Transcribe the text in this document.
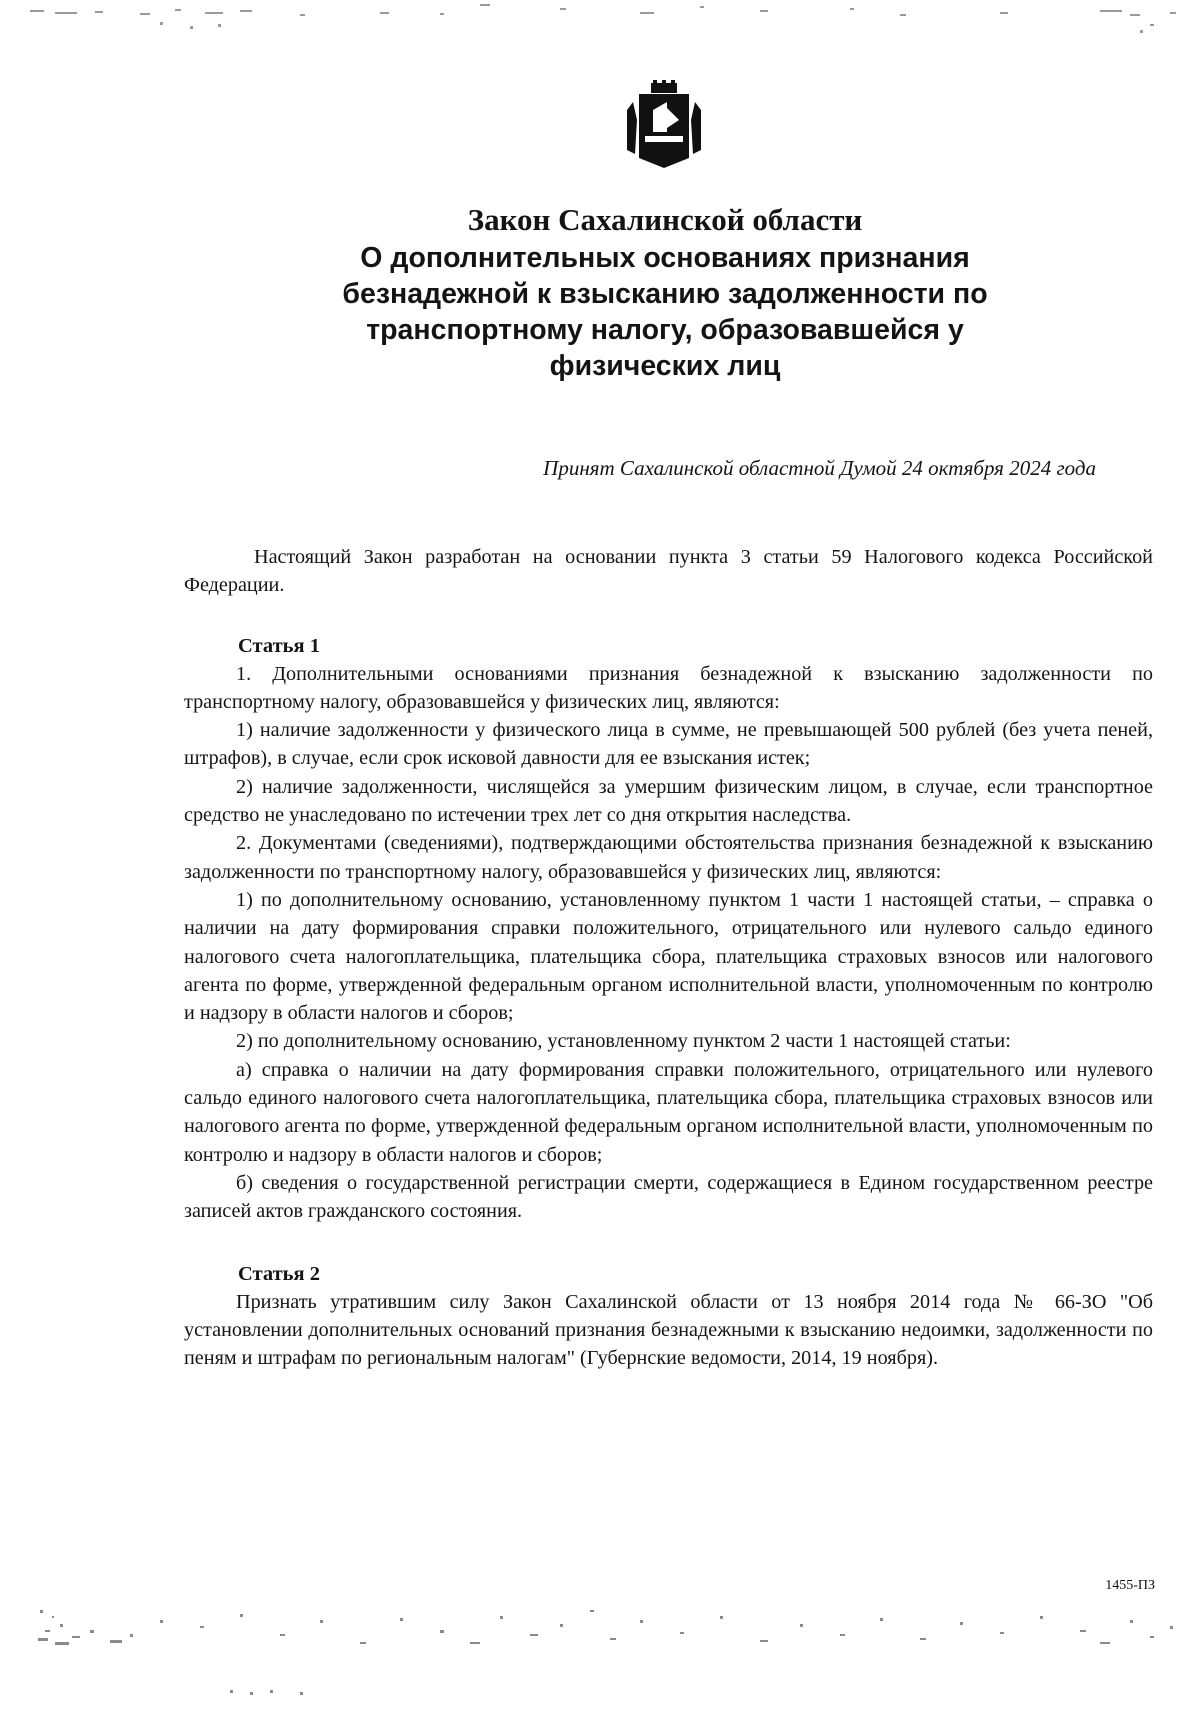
Закон Сахалинской области
О дополнительных основаниях признания
безнадежной к взысканию задолженности по
транспортному налогу, образовавшейся у
физических лиц

Принят Сахалинской областной Думой 24 октября 2024 года

Настоящий Закон разработан на основании пункта 3 статьи 59 Налогового кодекса Российской Федерации.

Статья 1

1. Дополнительными основаниями признания безнадежной к взысканию задолженности по транспортному налогу, образовавшейся у физических лиц, являются:

1) наличие задолженности у физического лица в сумме, не превышающей 500 рублей (без учета пеней, штрафов), в случае, если срок исковой давности для ее взыскания истек;

2) наличие задолженности, числящейся за умершим физическим лицом, в случае, если транспортное средство не унаследовано по истечении трех лет со дня открытия наследства.

2. Документами (сведениями), подтверждающими обстоятельства признания безнадежной к взысканию задолженности по транспортному налогу, образовавшейся у физических лиц, являются:

1) по дополнительному основанию, установленному пунктом 1 части 1 настоящей статьи, – справка о наличии на дату формирования справки положительного, отрицательного или нулевого сальдо единого налогового счета налогоплательщика, плательщика сбора, плательщика страховых взносов или налогового агента по форме, утвержденной федеральным органом исполнительной власти, уполномоченным по контролю и надзору в области налогов и сборов;

2) по дополнительному основанию, установленному пунктом 2 части 1 настоящей статьи:

а) справка о наличии на дату формирования справки положительного, отрицательного или нулевого сальдо единого налогового счета налогоплательщика, плательщика сбора, плательщика страховых взносов или налогового агента по форме, утвержденной федеральным органом исполнительной власти, уполномоченным по контролю и надзору в области налогов и сборов;

б) сведения о государственной регистрации смерти, содержащиеся в Едином государственном реестре записей актов гражданского состояния.

Статья 2

Признать утратившим силу Закон Сахалинской области от 13 ноября 2014 года № 66-ЗО "Об установлении дополнительных оснований признания безнадежными к взысканию недоимки, задолженности по пеням и штрафам по региональным налогам" (Губернские ведомости, 2014, 19 ноября).

1455-ПЗ
